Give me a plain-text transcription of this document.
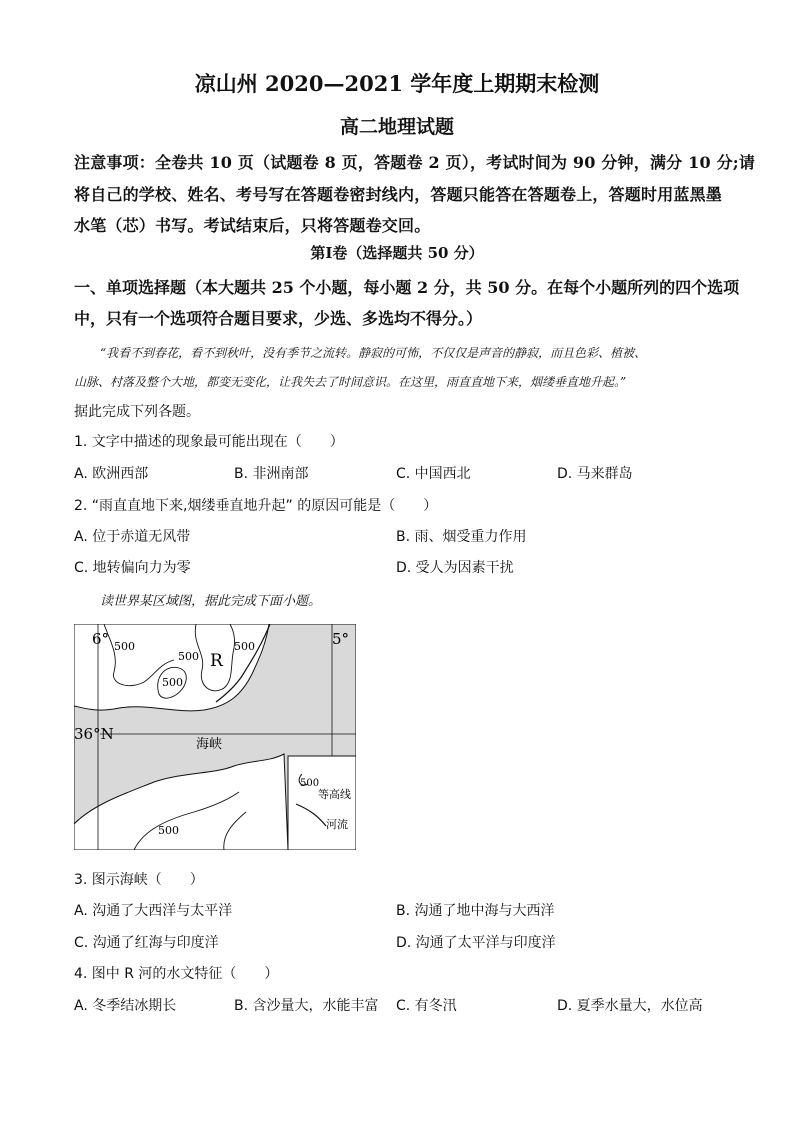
凉山州 2020—2021 学年度上期期末检测
高二地理试题
注意事项：全卷共 10 页（试题卷 8 页，答题卷 2 页），考试时间为 90 分钟，满分 10 分;请
将自己的学校、姓名、考号写在答题卷密封线内，答题只能答在答题卷上，答题时用蓝黑墨
水笔（芯）书写。考试结束后，只将答题卷交回。
第Ⅰ卷（选择题共 50 分）
一、单项选择题（本大题共 25 个小题，每小题 2 分，共 50 分。在每个小题所列的四个选项
中，只有一个选项符合题目要求，少选、多选均不得分。）
“我看不到春花，看不到秋叶，没有季节之流转。静寂的可怖，不仅仅是声音的静寂，而且色彩、植被、
山脉、村落及整个大地，都变无变化，让我失去了时间意识。在这里，雨直直地下来，烟缕垂直地升起。”
据此完成下列各题。
1. 文字中描述的现象最可能出现在（　　）
A. 欧洲西部	B. 非洲南部	C. 中国西北	D. 马来群岛
2. “雨直直地下来,烟缕垂直地升起” 的原因可能是（　　）
A. 位于赤道无风带	B. 雨、烟受重力作用
C. 地转偏向力为零	D. 受人为因素干扰
读世界某区域图，据此完成下面小题。
6°	5°
36°N
海峡
R
500
500
500
500
500
500
等高线
河流
3. 图示海峡（　　）
A. 沟通了大西洋与太平洋	B. 沟通了地中海与大西洋
C. 沟通了红海与印度洋	D. 沟通了太平洋与印度洋
4. 图中 R 河的水文特征（　　）
A. 冬季结冰期长	B. 含沙量大，水能丰富 C. 有冬汛	D. 夏季水量大，水位高
